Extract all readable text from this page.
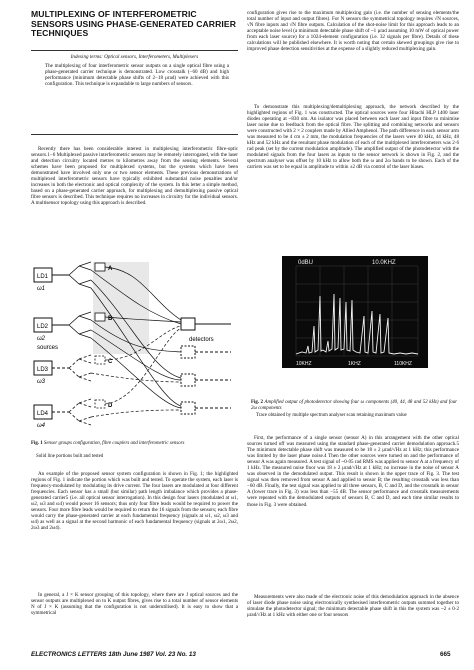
MULTIPLEXING OF INTERFEROMETRIC SENSORS USING PHASE-GENERATED CARRIER TECHNIQUES
Indexing terms: Optical sensors, Interferometers, Multiplexers
The multiplexing of four interferometric sensor outputs on a single optical fibre using a phase-generated carrier technique is demonstrated. Low crosstalk (−60 dB) and high performance (minimum detectable phase shifts of 2−18 μrad) were achieved with this configuration. This technique is expandable to large numbers of sensors.

Recently there has been considerable interest in multiplexing interferometric fibre-optic sensors.1−6 Multiplexed passive interferometric sensors may be remotely interrogated, with the laser and detection circuitry located metres to kilometres away from the sensing elements. Several schemes have been proposed for multiplexed systems, but the systems which have been demonstrated have involved only one or two sensor elements. These previous demonstrations of multiplexed interferometric sensors have typically exhibited substantial noise penalties and/or increases in both the electronic and optical complexity of the system. In this letter a simple method, based on a phase-generated carrier approach, for multiplexing and demultiplexing passive optical fibre sensors is described. This technique requires no increases in circuitry for the individual sensors. A multisensor topology using this approach is described.

LD1
ω1
LD2
ω2
sources
LD3
ω3
LD4
ω4
A
B
C
D
detectors

Fig. 1 Sensor groups configuration, fibre couplers and interferometric sensors

Solid line portions built and tested

An example of the proposed sensor system configuration is shown in Fig. 1; the highlighted regions of Fig. 1 indicate the portion which was built and tested. To operate the system, each laser is frequency-modulated by modulating its drive current. The four lasers are modulated at four different frequencies. Each sensor has a small (but similar) path length imbalance which provides a phase-generated carrier5 (i.e. all optical sensor interrogation). In this design four lasers (modulated at ω1, ω2, ω3 and ω4) would power 16 sensors; thus only four fibre leads would be required to power the sensors. Four more fibre leads would be required to return the 16 signals from the sensors; each fibre would carry the phase-generated carrier at each fundamental frequency (signals at ω1, ω2, ω3 and ω4) as well as a signal at the second harmonic of each fundamental frequency (signals at 2ω1, 2ω2, 2ω3 and 2ω4).

In general, a J × K sensor grouping of this topology, where there are J optical sources and the sensor outputs are multiplexed on to K output fibres, gives rise to a total number of sensor elements N of J × K (assuming that the configuration is not underutilised). It is easy to show that a symmetrical

configuration gives rise to the maximum multiplexing gain (i.e. the number of sensing elements/the total number of input and output fibres). For N sensors the symmetrical topology requires √N sources, √N fibre inputs and √N fibre outputs. Calculation of the shot-noise limit for this approach leads to an acceptable noise level (a minimum detectable phase shift of ~1 μrad assuming 10 mW of optical power from each laser source) for a 1024-element configuration (i.e. 32 signals per fibre). Details of these calculations will be published elsewhere. It is worth noting that certain skewed groupings give rise to improved phase detection sensitivities at the expense of a slightly reduced multiplexing gain.

To demonstrate this multiplexing/demultiplexing approach, the network described by the highlighted regions of Fig. 1 was constructed. The optical sources were four Hitachi HLP 1400 laser diodes operating at ~830 nm. An isolator was placed between each laser and input fibre to minimise laser noise due to feedback from the optical fibre. The splitting and combining networks and sensors were constructed with 2 × 2 couplers made by Allied Amphenol. The path difference in each sensor arm was measured to be 4 cm ± 2 mm, the modulation frequencies of the lasers were 40 kHz, 44 kHz, 48 kHz and 52 kHz and the resultant phase modulation of each of the multiplexed interferometers was 2·6 rad peak (set by the current modulation amplitude). The amplified output of the photodetector with the modulated signals from the four lasers as inputs to the sensor network is shown in Fig. 2, and the spectrum analyser was offset by 10 kHz to allow both the ω and 2ω bands to be shown. Each of the carriers was set to be equal in amplitude to within ±2 dB via control of the laser biases.

0dBU	10.0KHZ
10KHZ	1KHZ	110KHZ

Fig. 2 Amplified output of photodetector showing four ω components (40, 44, 48 and 52 kHz) and four 2ω components

Trace obtained by multiple spectrum analyser scan retaining maximum value

First, the performance of a single sensor (sensor A) in this arrangement with the other optical sources turned off was measured using the standard phase-generated carrier demodulation approach.5 The minimum detectable phase shift was measured to be 18 ± 2 μrad/√Hz at 1 kHz; this performance was limited by the laser phase noise.4 Then the other sources were turned on and the performance of sensor A was again measured. A test signal of ~0·05 rad RMS was applied to sensor A at a frequency of 1 kHz. The measured noise floor was 18 ± 2 μrad/√Hz at 1 kHz; no increase in the noise of sensor A was observed in the demodulated output. This result is shown in the upper trace of Fig. 3. The test signal was then removed from sensor A and applied to sensor B; the resulting crosstalk was less than −60 dB. Finally, the test signal was applied to all three sensors, B, C and D, and the crosstalk in sensor A (lower trace in Fig. 3) was less than −55 dB. The sensor performance and crosstalk measurements were repeated with the demodulated outputs of sensors B, C and D, and each time similar results to those in Fig. 3 were obtained.

Measurements were also made of the electronic noise of this demodulation approach in the absence of laser diode phase noise using electronically synthesised interferometric outputs summed together to simulate the photodetector signal; the minimum detectable phase shift in this the system was ~2 ± 0·2 μrad/√Hz at 1 kHz with either one or four sensors

ELECTRONICS LETTERS 18th June 1987 Vol. 23 No. 13	665
